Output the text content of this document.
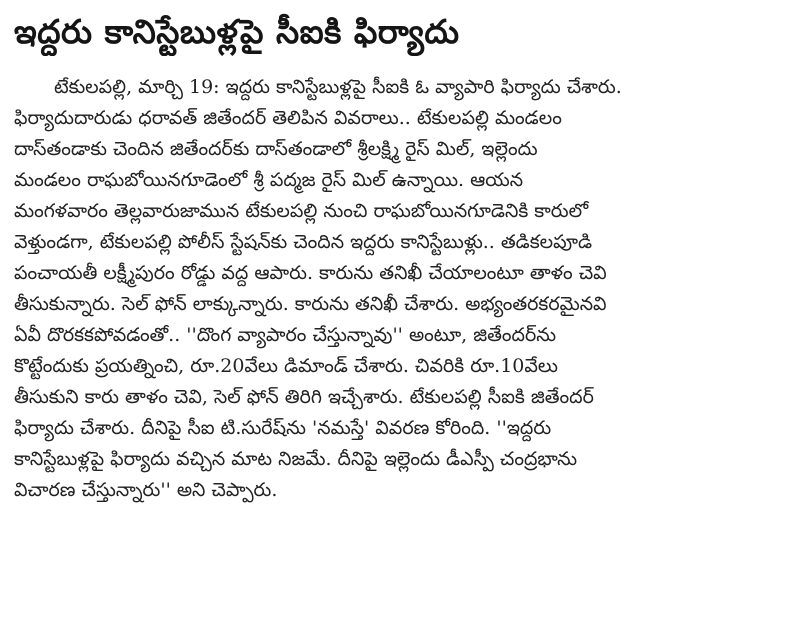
ఇద్దరు కానిస్టేబుళ్లపై సీఐకి ఫిర్యాదు
టేకులపల్లి, మార్చి 19: ఇద్దరు కానిస్టేబుళ్లపై సీఐకి ఓ వ్యాపారి ఫిర్యాదు చేశారు.
ఫిర్యాదుదారుడు ధరావత్ జితేందర్ తెలిపిన వివరాలు.. టేకులపల్లి మండలం
దాస్‌తండాకు చెందిన జితేందర్‌కు దాస్‌తండాలో శ్రీలక్ష్మి రైస్ మిల్, ఇల్లెందు
మండలం రాఘబోయినగూడెంలో శ్రీ పద్మజ రైస్ మిల్ ఉన్నాయి. ఆయన
మంగళవారం తెల్లవారుజామున టేకులపల్లి నుంచి రాఘబోయినగూడెనికి కారులో
వెళ్తుండగా, టేకులపల్లి పోలీస్ స్టేషన్‌కు చెందిన ఇద్దరు కానిస్టేబుళ్లు.. తడికలపూడి
పంచాయతీ లక్ష్మీపురం రోడ్డు వద్ద ఆపారు. కారును తనిఖీ చేయాలంటూ తాళం చెవి
తీసుకున్నారు. సెల్ ఫోన్ లాక్కున్నారు. కారును తనిఖీ చేశారు. అభ్యంతరకరమైనవి
ఏవీ దొరకకపోవడంతో.. ''దొంగ వ్యాపారం చేస్తున్నావు'' అంటూ, జితేందర్‌ను
కొట్టేందుకు ప్రయత్నించి, రూ.20వేలు డిమాండ్ చేశారు. చివరికి రూ.10వేలు
తీసుకుని కారు తాళం చెవి, సెల్ ఫోన్ తిరిగి ఇచ్చేశారు. టేకులపల్లి సీఐకి జితేందర్
ఫిర్యాదు చేశారు. దీనిపై సీఐ టి.సురేష్‌ను 'నమస్తే' వివరణ కోరింది. ''ఇద్దరు
కానిస్టేబుళ్లపై ఫిర్యాదు వచ్చిన మాట నిజమే. దీనిపై ఇల్లెందు డీఎస్పీ చంద్రభాను
విచారణ చేస్తున్నారు'' అని చెప్పారు.
